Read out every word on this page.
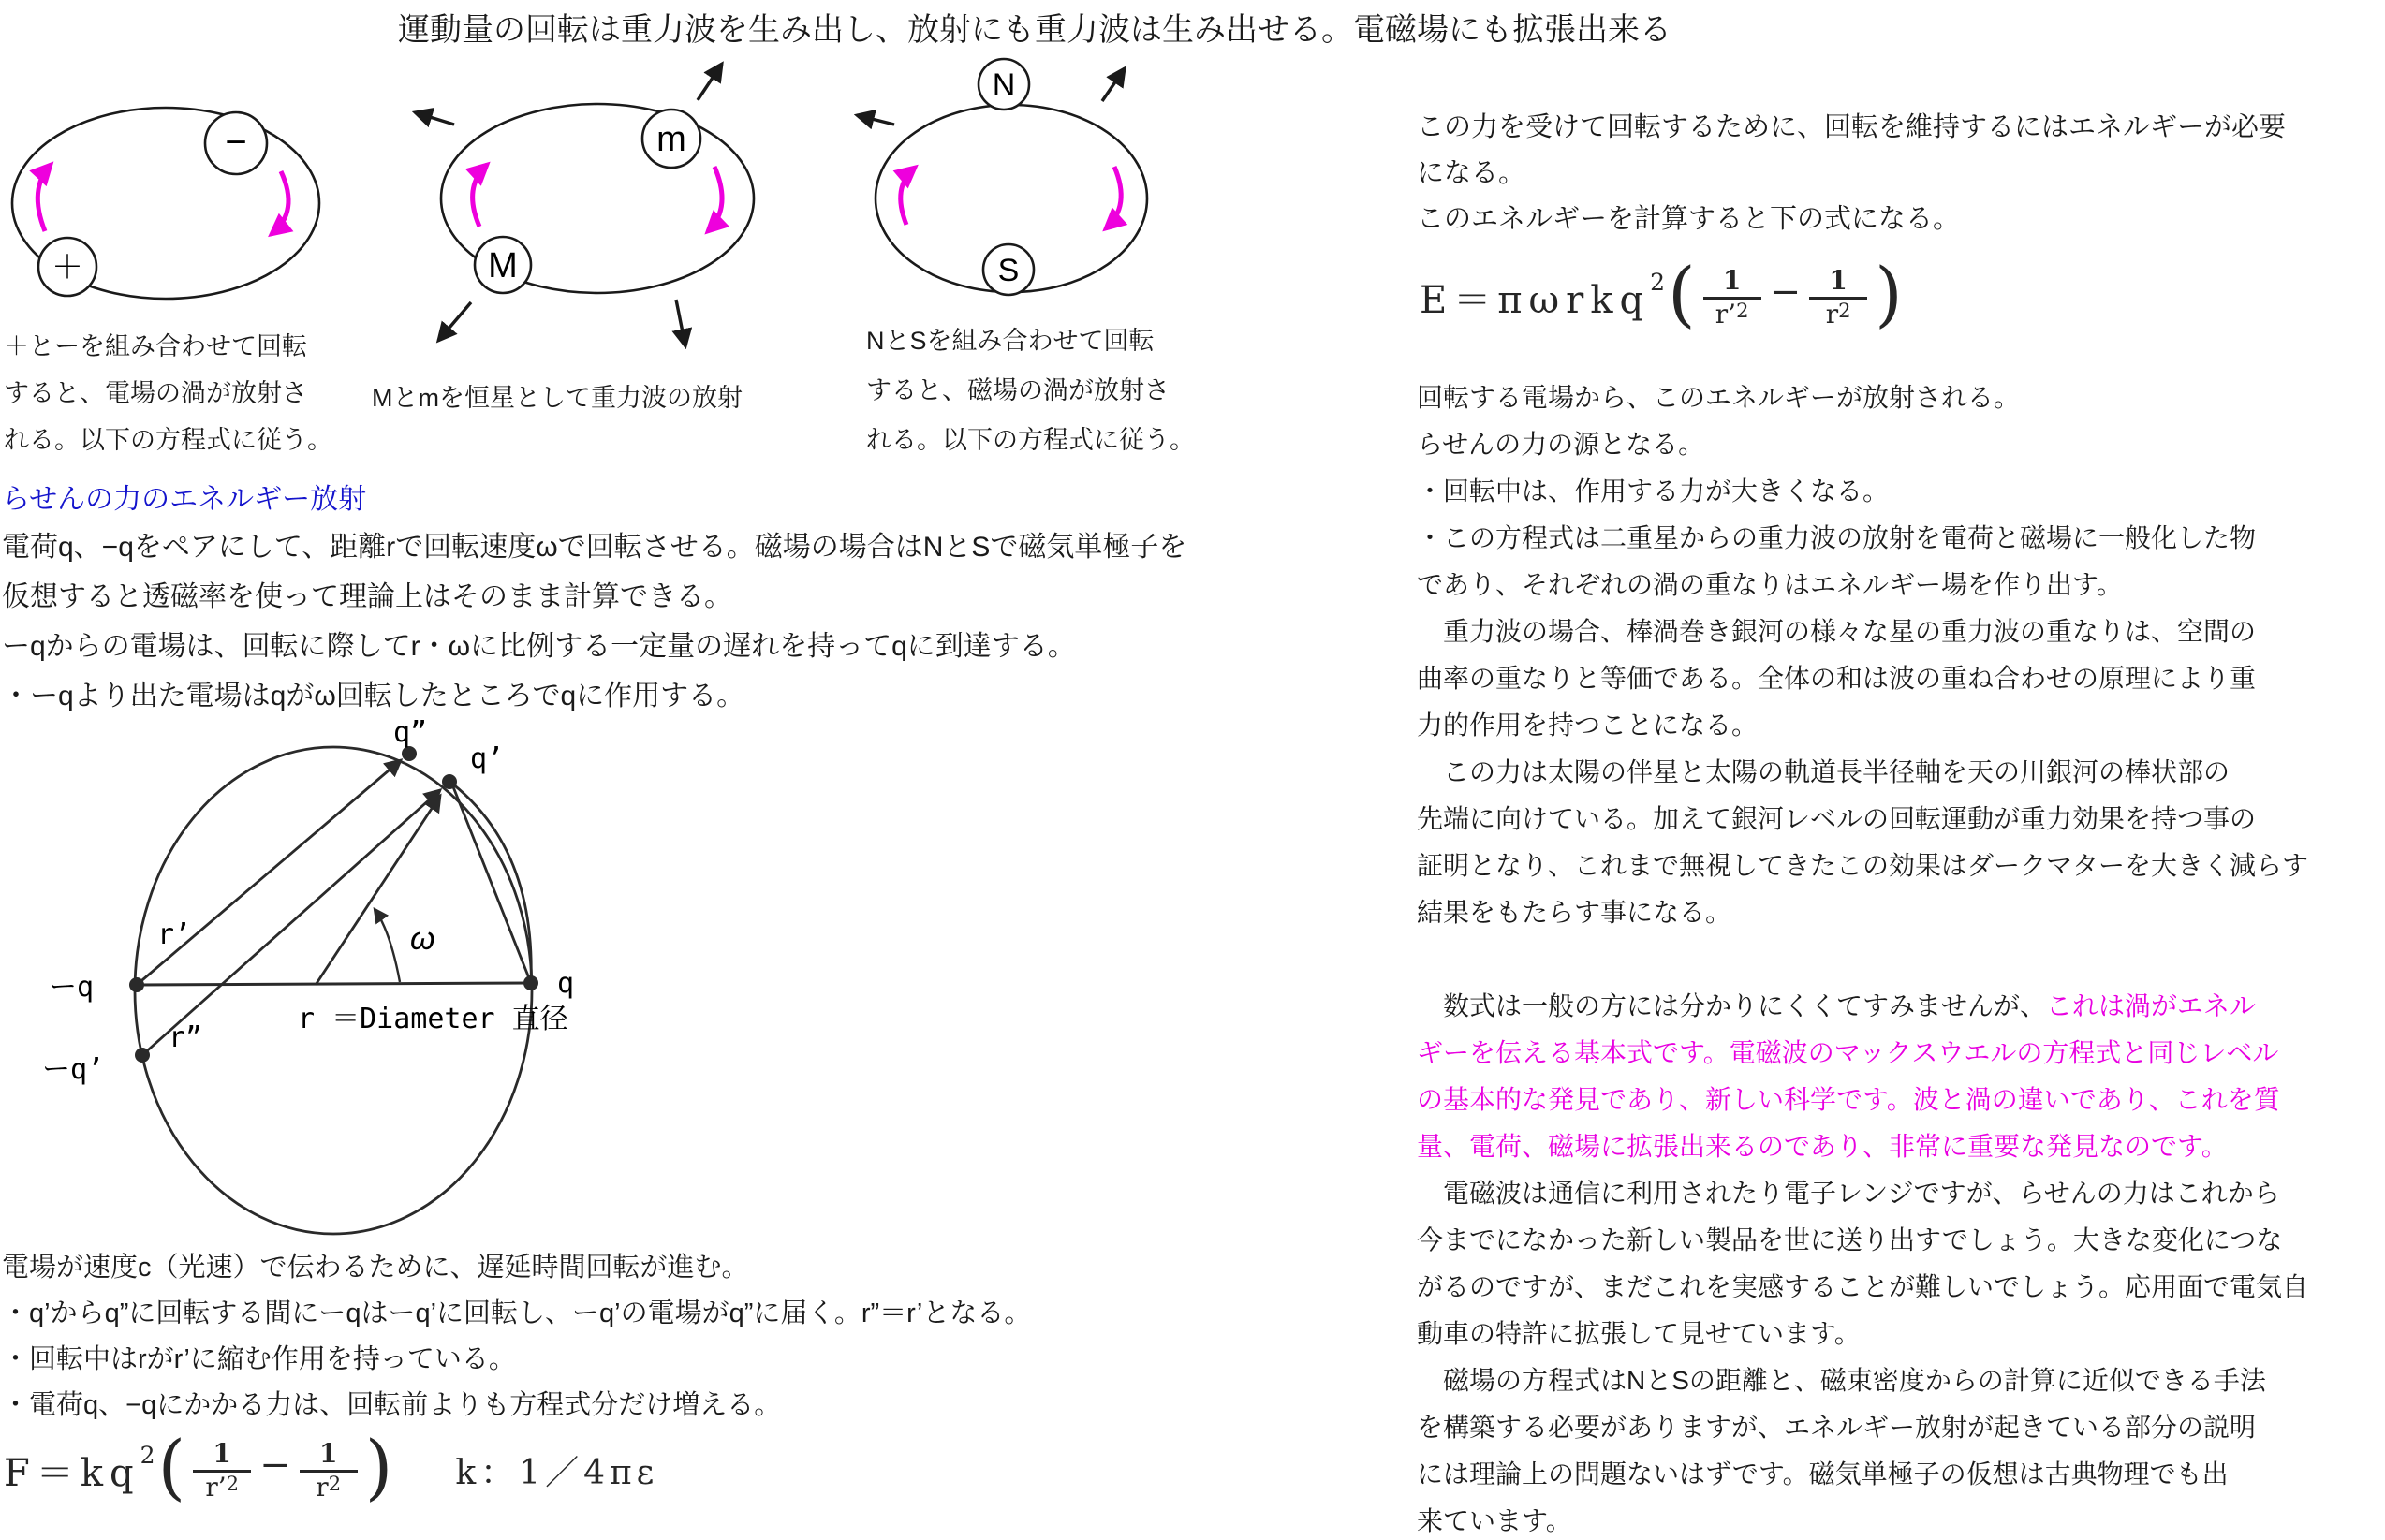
運動量の回転は重力波を生み出し、放射にも重力波は生み出せる。電磁場にも拡張出来る
−
＋
m
M
N
S
＋とーを組み合わせて回転
すると、電場の渦が放射さ
れる。以下の方程式に従う。
Mとmを恒星として重力波の放射
NとSを組み合わせて回転
すると、磁場の渦が放射さ
れる。以下の方程式に従う。
らせんの力のエネルギー放射
電荷q、−qをペアにして、距離rで回転速度ωで回転させる。磁場の場合はNとSで磁気単極子を
仮想すると透磁率を使って理論上はそのまま計算できる。
ーqからの電場は、回転に際してr・ωに比例する一定量の遅れを持ってqに到達する。
・ーqより出た電場はqがω回転したところでqに作用する。
q”
q’
q
ーq
ーq’
r’
r”
r ＝Diameter 直径
ω
電場が速度c（光速）で伝わるために、遅延時間回転が進む。
・q’からq”に回転する間にーqはーq’に回転し、ーq’の電場がq”に届く。r”＝r’となる。
・回転中はrがr’に縮む作用を持っている。
・電荷q、−qにかかる力は、回転前よりも方程式分だけ増える。
F＝kq 2 ( $\frac{1}{r’^2} - \frac{1}{r^2}$ ) k：1／4πε
この力を受けて回転するために、回転を維持するにはエネルギーが必要
になる。
このエネルギーを計算すると下の式になる。
E＝πωrkq 2 ( $\frac{1}{r’^2} - \frac{1}{r^2}$ )
回転する電場から、このエネルギーが放射される。
らせんの力の源となる。
・回転中は、作用する力が大きくなる。
・この方程式は二重星からの重力波の放射を電荷と磁場に一般化した物
であり、それぞれの渦の重なりはエネルギー場を作り出す。
　重力波の場合、棒渦巻き銀河の様々な星の重力波の重なりは、空間の
曲率の重なりと等価である。全体の和は波の重ね合わせの原理により重
力的作用を持つことになる。
　この力は太陽の伴星と太陽の軌道長半径軸を天の川銀河の棒状部の
先端に向けている。加えて銀河レベルの回転運動が重力効果を持つ事の
証明となり、これまで無視してきたこの効果はダークマターを大きく減らす
結果をもたらす事になる。

　数式は一般の方には分かりにくくてすみませんが、これは渦がエネル
ギーを伝える基本式です。電磁波のマックスウエルの方程式と同じレベル
の基本的な発見であり、新しい科学です。波と渦の違いであり、これを質
量、電荷、磁場に拡張出来るのであり、非常に重要な発見なのです。
　電磁波は通信に利用されたり電子レンジですが、らせんの力はこれから
今までになかった新しい製品を世に送り出すでしょう。大きな変化につな
がるのですが、まだこれを実感することが難しいでしょう。応用面で電気自
動車の特許に拡張して見せています。
　磁場の方程式はNとSの距離と、磁束密度からの計算に近似できる手法
を構築する必要がありますが、エネルギー放射が起きている部分の説明
には理論上の問題ないはずです。磁気単極子の仮想は古典物理でも出
来ています。
